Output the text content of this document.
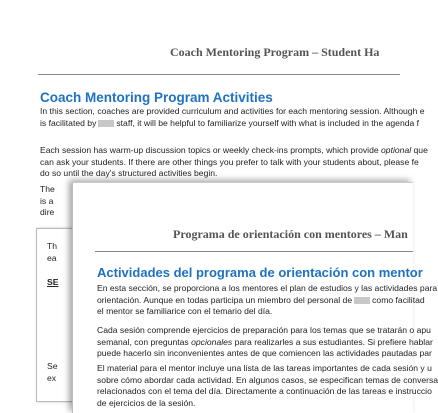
Coach Mentoring Program – Student Ha
Coach Mentoring Program Activities
In this section, coaches are provided curriculum and activities for each mentoring session. Although e
is facilitated by staff, it will be helpful to familiarize yourself with what is included in the agenda f
Each session has warm-up discussion topics or weekly check-ins prompts, which provide optional que
can ask your students. If there are other things you prefer to talk with your students about, please fe
do so until the day's structured activities begin.
The
is a
dire
Th
ea
SE
Se
ex
Programa de orientación con mentores – Man
Actividades del programa de orientación con mentor
En esta sección, se proporciona a los mentores el plan de estudios y las actividades para
orientación. Aunque en todas participa un miembro del personal de como facilitad
el mentor se familiarice con el temario del día.
Cada sesión comprende ejercicios de preparación para los temas que se tratarán o apu
semanal, con preguntas opcionales para realizarles a sus estudiantes. Si prefiere hablar
puede hacerlo sin inconvenientes antes de que comiencen las actividades pautadas par
El material para el mentor incluye una lista de las tareas importantes de cada sesión y u
sobre cómo abordar cada actividad. En algunos casos, se especifican temas de conversa
relacionados con el tema del día. Directamente a continuación de las tareas e instruccio
de ejercicios de la sesión.
